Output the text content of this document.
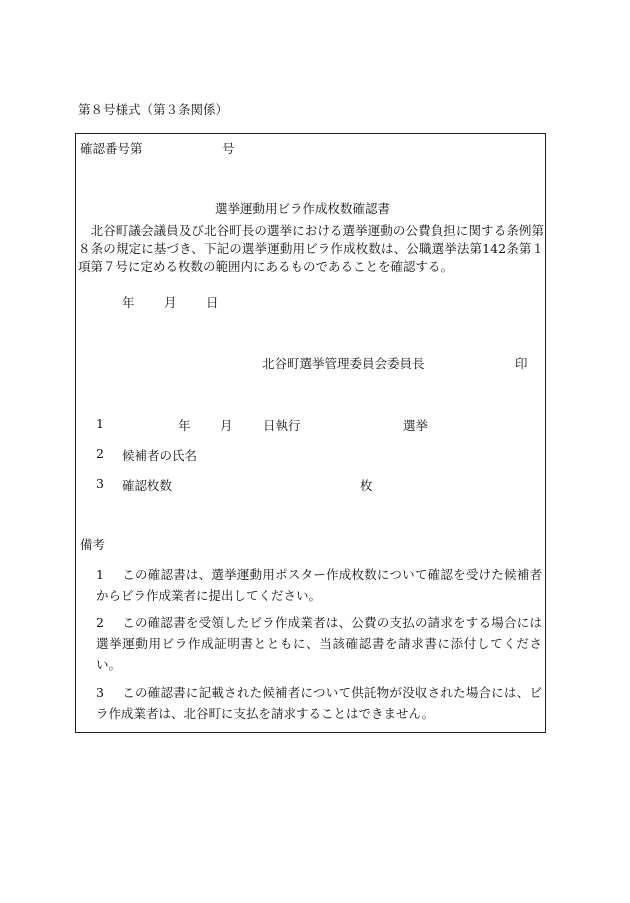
第８号様式（第３条関係）
確認番号第	号
選挙運動用ビラ作成枚数確認書
　北谷町議会議員及び北谷町長の選挙における選挙運動の公費負担に関する条例第８条の規定に基づき、下記の選挙運動用ビラ作成枚数は、公職選挙法第142条第１項第７号に定める枚数の範囲内にあるものであることを確認する。
年 月 日
北谷町選挙管理委員会委員長	印
1	年 月 日執行	選挙
2 候補者の氏名
3 確認枚数	枚
備考
1 この確認書は、選挙運動用ポスター作成枚数について確認を受けた候補者からビラ作成業者に提出してください。
2 この確認書を受領したビラ作成業者は、公費の支払の請求をする場合には選挙運動用ビラ作成証明書とともに、当該確認書を請求書に添付してください。
3 この確認書に記載された候補者について供託物が没収された場合には、ビラ作成業者は、北谷町に支払を請求することはできません。
